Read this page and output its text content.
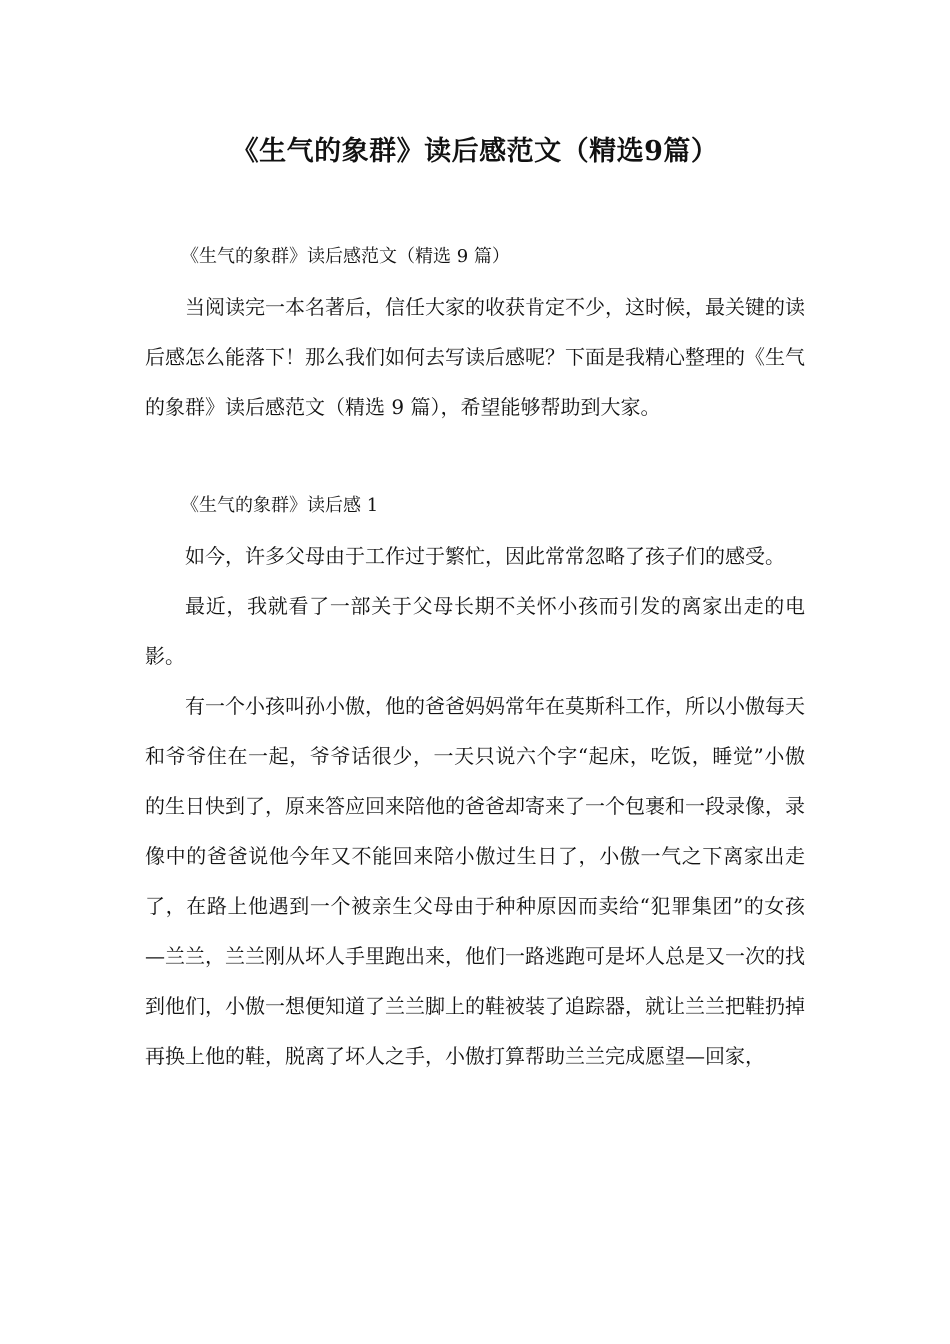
《生气的象群》读后感范文（精选9篇）

《生气的象群》读后感范文（精选 9 篇）

当阅读完一本名著后，信任大家的收获肯定不少，这时候，最关键的读后感怎么能落下！那么我们如何去写读后感呢？下面是我精心整理的《生气的象群》读后感范文（精选 9 篇），希望能够帮助到大家。

《生气的象群》读后感 1

如今，许多父母由于工作过于繁忙，因此常常忽略了孩子们的感受。

最近，我就看了一部关于父母长期不关怀小孩而引发的离家出走的电影。

有一个小孩叫孙小傲，他的爸爸妈妈常年在莫斯科工作，所以小傲每天和爷爷住在一起，爷爷话很少，一天只说六个字“起床，吃饭，睡觉”小傲的生日快到了，原来答应回来陪他的爸爸却寄来了一个包裹和一段录像，录像中的爸爸说他今年又不能回来陪小傲过生日了，小傲一气之下离家出走了，在路上他遇到一个被亲生父母由于种种原因而卖给“犯罪集团”的女孩—兰兰，兰兰刚从坏人手里跑出来，他们一路逃跑可是坏人总是又一次的找到他们，小傲一想便知道了兰兰脚上的鞋被装了追踪器，就让兰兰把鞋扔掉再换上他的鞋，脱离了坏人之手，小傲打算帮助兰兰完成愿望—回家，
